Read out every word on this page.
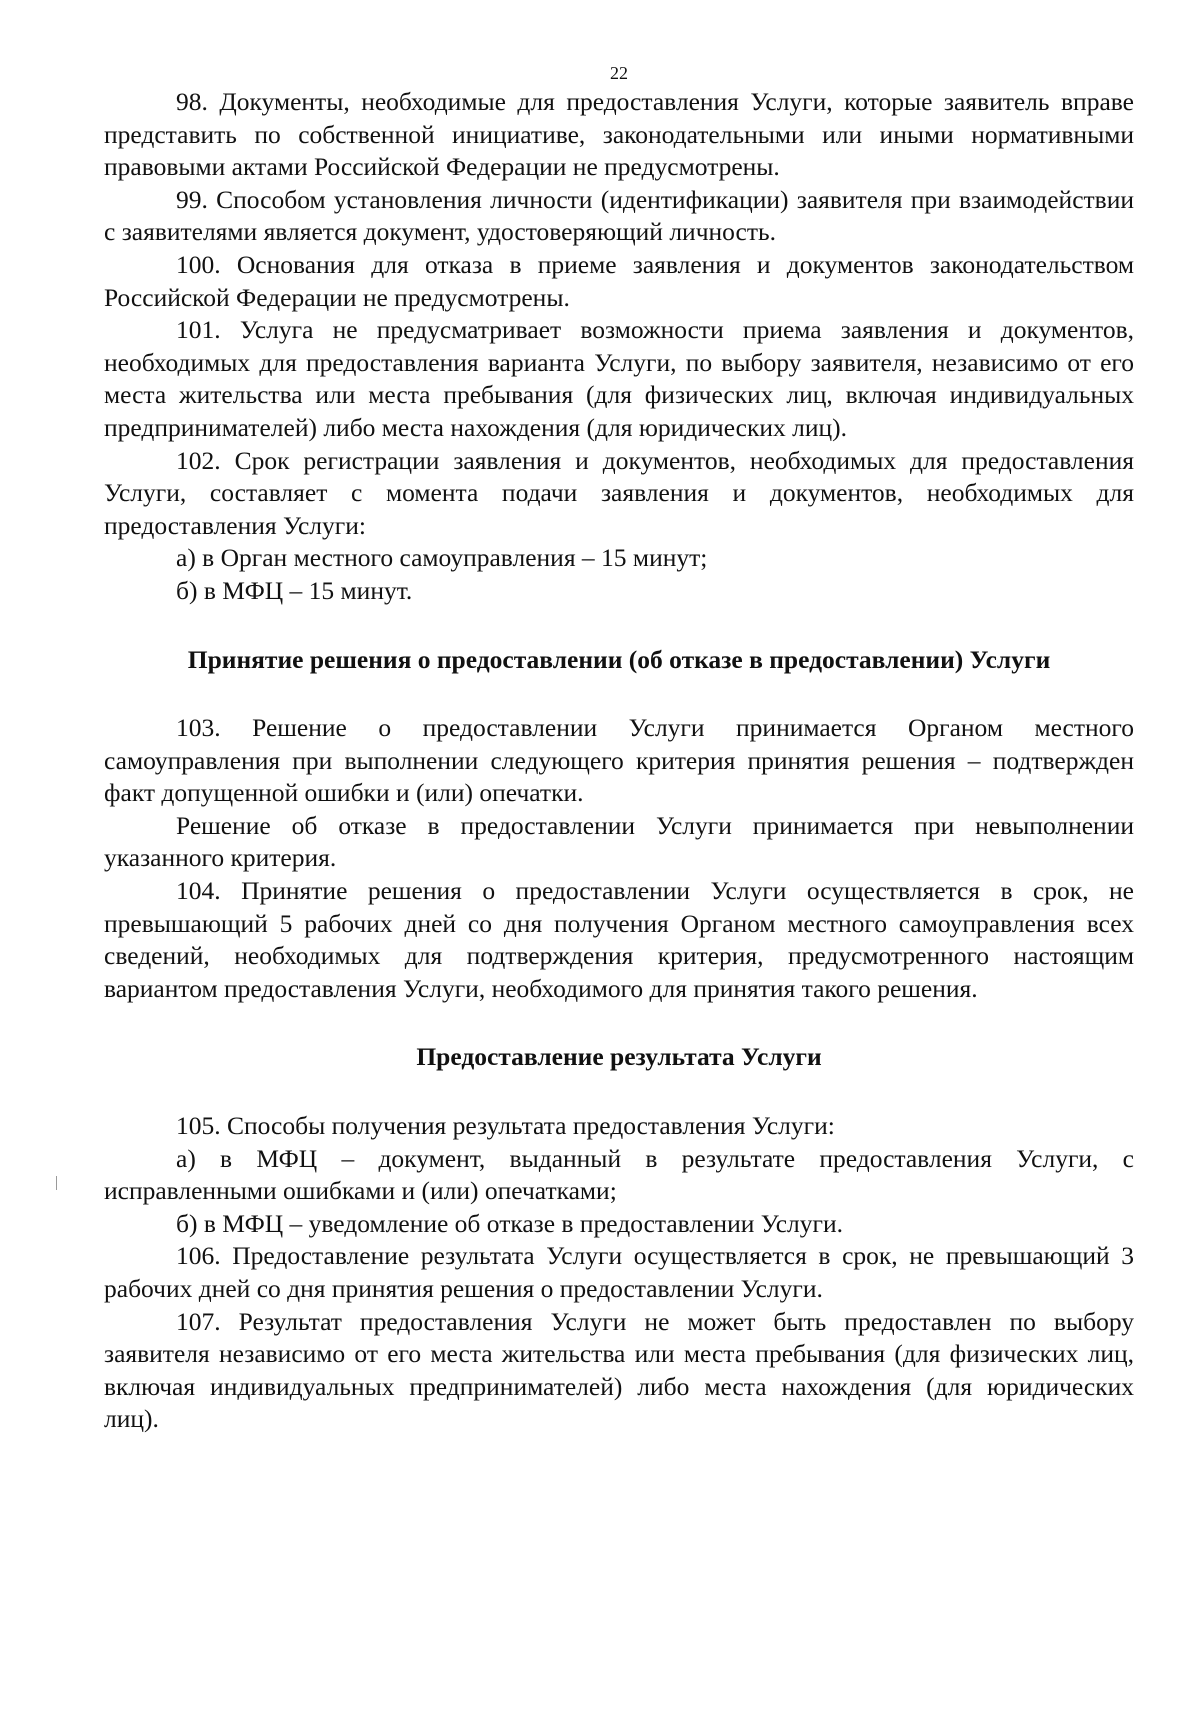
22

98. Документы, необходимые для предоставления Услуги, которые заявитель вправе представить по собственной инициативе, законодательными или иными нормативными правовыми актами Российской Федерации не предусмотрены.

99. Способом установления личности (идентификации) заявителя при взаимодействии с заявителями является документ, удостоверяющий личность.

100. Основания для отказа в приеме заявления и документов законодательством Российской Федерации не предусмотрены.

101. Услуга не предусматривает возможности приема заявления и документов, необходимых для предоставления варианта Услуги, по выбору заявителя, независимо от его места жительства или места пребывания (для физических лиц, включая индивидуальных предпринимателей) либо места нахождения (для юридических лиц).

102. Срок регистрации заявления и документов, необходимых для предоставления Услуги, составляет с момента подачи заявления и документов, необходимых для предоставления Услуги:

а) в Орган местного самоуправления – 15 минут;

б) в МФЦ – 15 минут.

Принятие решения о предоставлении (об отказе в предоставлении) Услуги

103. Решение о предоставлении Услуги принимается Органом местного самоуправления при выполнении следующего критерия принятия решения – подтвержден факт допущенной ошибки и (или) опечатки.

Решение об отказе в предоставлении Услуги принимается при невыполнении указанного критерия.

104. Принятие решения о предоставлении Услуги осуществляется в срок, не превышающий 5 рабочих дней со дня получения Органом местного самоуправления всех сведений, необходимых для подтверждения критерия, предусмотренного настоящим вариантом предоставления Услуги, необходимого для принятия такого решения.

Предоставление результата Услуги

105. Способы получения результата предоставления Услуги:

а) в МФЦ – документ, выданный в результате предоставления Услуги, с исправленными ошибками и (или) опечатками;

б) в МФЦ – уведомление об отказе в предоставлении Услуги.

106. Предоставление результата Услуги осуществляется в срок, не превышающий 3 рабочих дней со дня принятия решения о предоставлении Услуги.

107. Результат предоставления Услуги не может быть предоставлен по выбору заявителя независимо от его места жительства или места пребывания (для физических лиц, включая индивидуальных предпринимателей) либо места нахождения (для юридических лиц).
